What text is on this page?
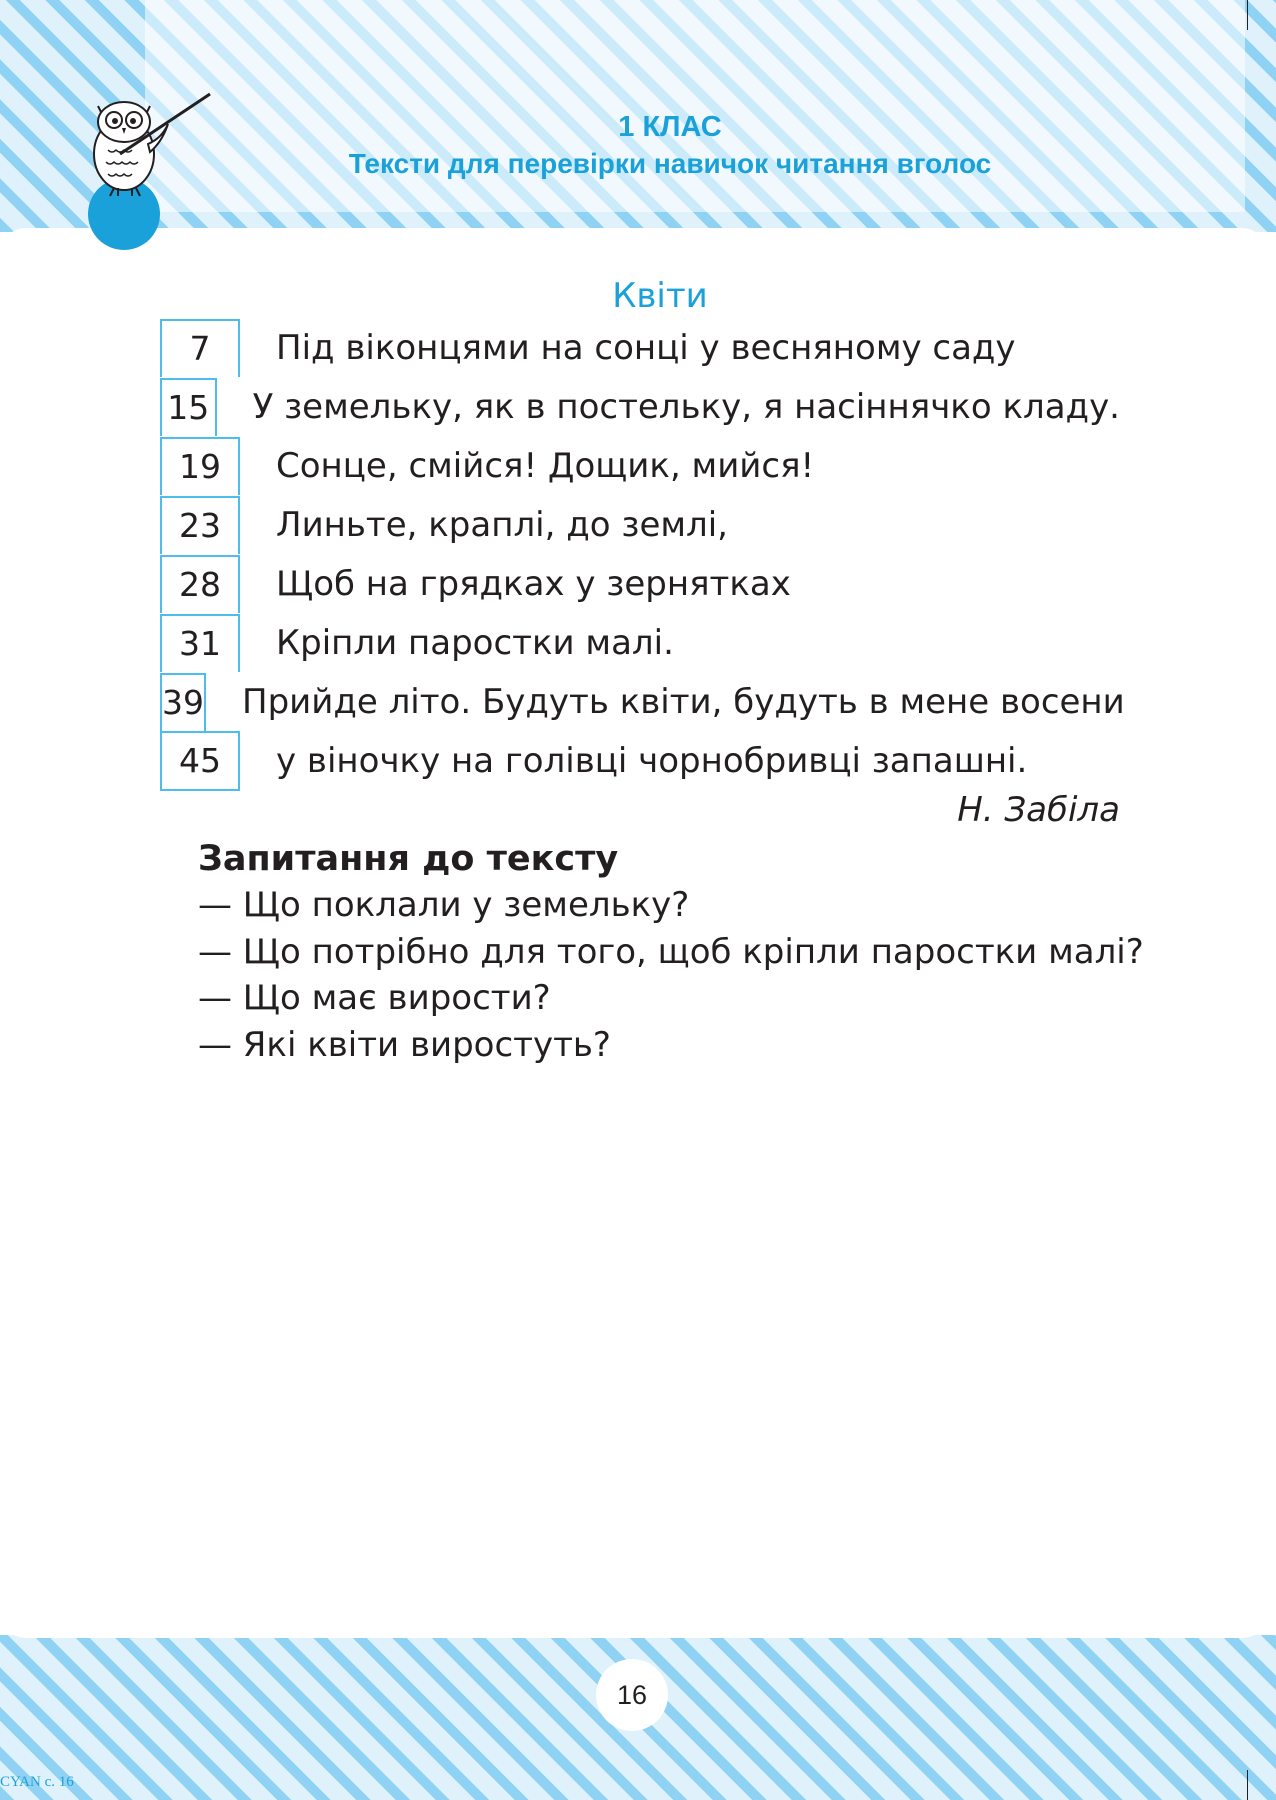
1 КЛАС
Тексти для перевірки навичок читання вголос
Квіти
7	Під віконцями на сонці у весняному саду
15 У земельку, як в постельку, я насіннячко кладу.
19	Сонце, смійся! Дощик, мийся!
23	Линьте, краплі, до землі,
28	Щоб на грядках у зернятках
31	Кріпли паростки малі.
39 Прийде літо. Будуть квіти, будуть в мене восени
45	у віночку на голівці чорнобривці запашні.
Н. Забіла
Запитання до тексту
— Що поклали у земельку?
— Що потрібно для того, щоб кріпли паростки малі?
— Що має вирости?
— Які квіти виростуть?
16
CYAN с. 16
